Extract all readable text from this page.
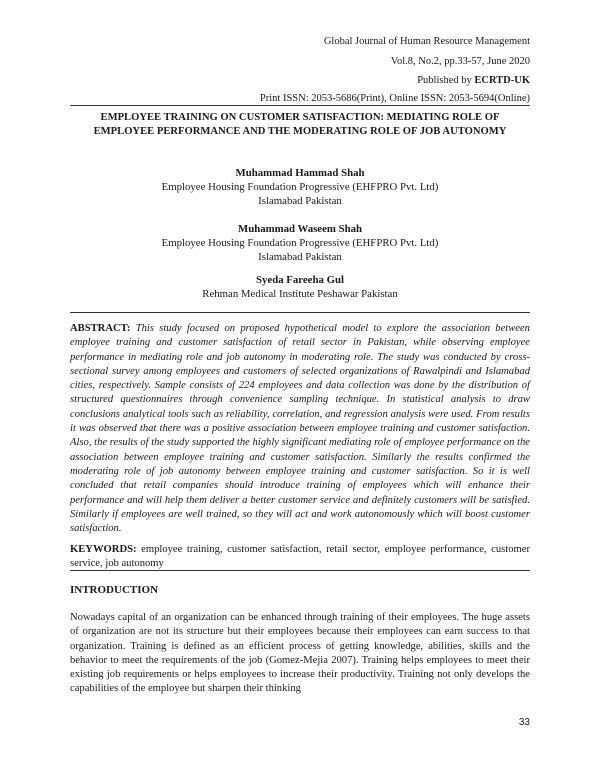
Global Journal of Human Resource Management
Vol.8, No.2, pp.33-57, June 2020
Published by ECRTD-UK
Print ISSN: 2053-5686(Print), Online ISSN: 2053-5694(Online)
EMPLOYEE TRAINING ON CUSTOMER SATISFACTION: MEDIATING ROLE OF EMPLOYEE PERFORMANCE AND THE MODERATING ROLE OF JOB AUTONOMY
Muhammad Hammad Shah
Employee Housing Foundation Progressive (EHFPRO Pvt. Ltd)
Islamabad Pakistan
Muhammad Waseem Shah
Employee Housing Foundation Progressive (EHFPRO Pvt. Ltd)
Islamabad Pakistan
Syeda Fareeha Gul
Rehman Medical Institute Peshawar Pakistan
ABSTRACT: This study focused on proposed hypothetical model to explore the association between employee training and customer satisfaction of retail sector in Pakistan, while observing employee performance in mediating role and job autonomy in moderating role. The study was conducted by cross-sectional survey among employees and customers of selected organizations of Rawalpindi and Islamabad cities, respectively. Sample consists of 224 employees and data collection was done by the distribution of structured questionnaires through convenience sampling technique. In statistical analysis to draw conclusions analytical tools such as reliability, correlation, and regression analysis were used. From results it was observed that there was a positive association between employee training and customer satisfaction. Also, the results of the study supported the highly significant mediating role of employee performance on the association between employee training and customer satisfaction. Similarly the results confirmed the moderating role of job autonomy between employee training and customer satisfaction. So it is well concluded that retail companies should introduce training of employees which will enhance their performance and will help them deliver a better customer service and definitely customers will be satisfied. Similarly if employees are well trained, so they will act and work autonomously which will boost customer satisfaction.
KEYWORDS: employee training, customer satisfaction, retail sector, employee performance, customer service, job autonomy
INTRODUCTION
Nowadays capital of an organization can be enhanced through training of their employees. The huge assets of organization are not its structure but their employees because their employees can earn success to that organization. Training is defined as an efficient process of getting knowledge, abilities, skills and the behavior to meet the requirements of the job (Gomez-Mejia 2007). Training helps employees to meet their existing job requirements or helps employees to increase their productivity. Training not only develops the capabilities of the employee but sharpen their thinking
33
